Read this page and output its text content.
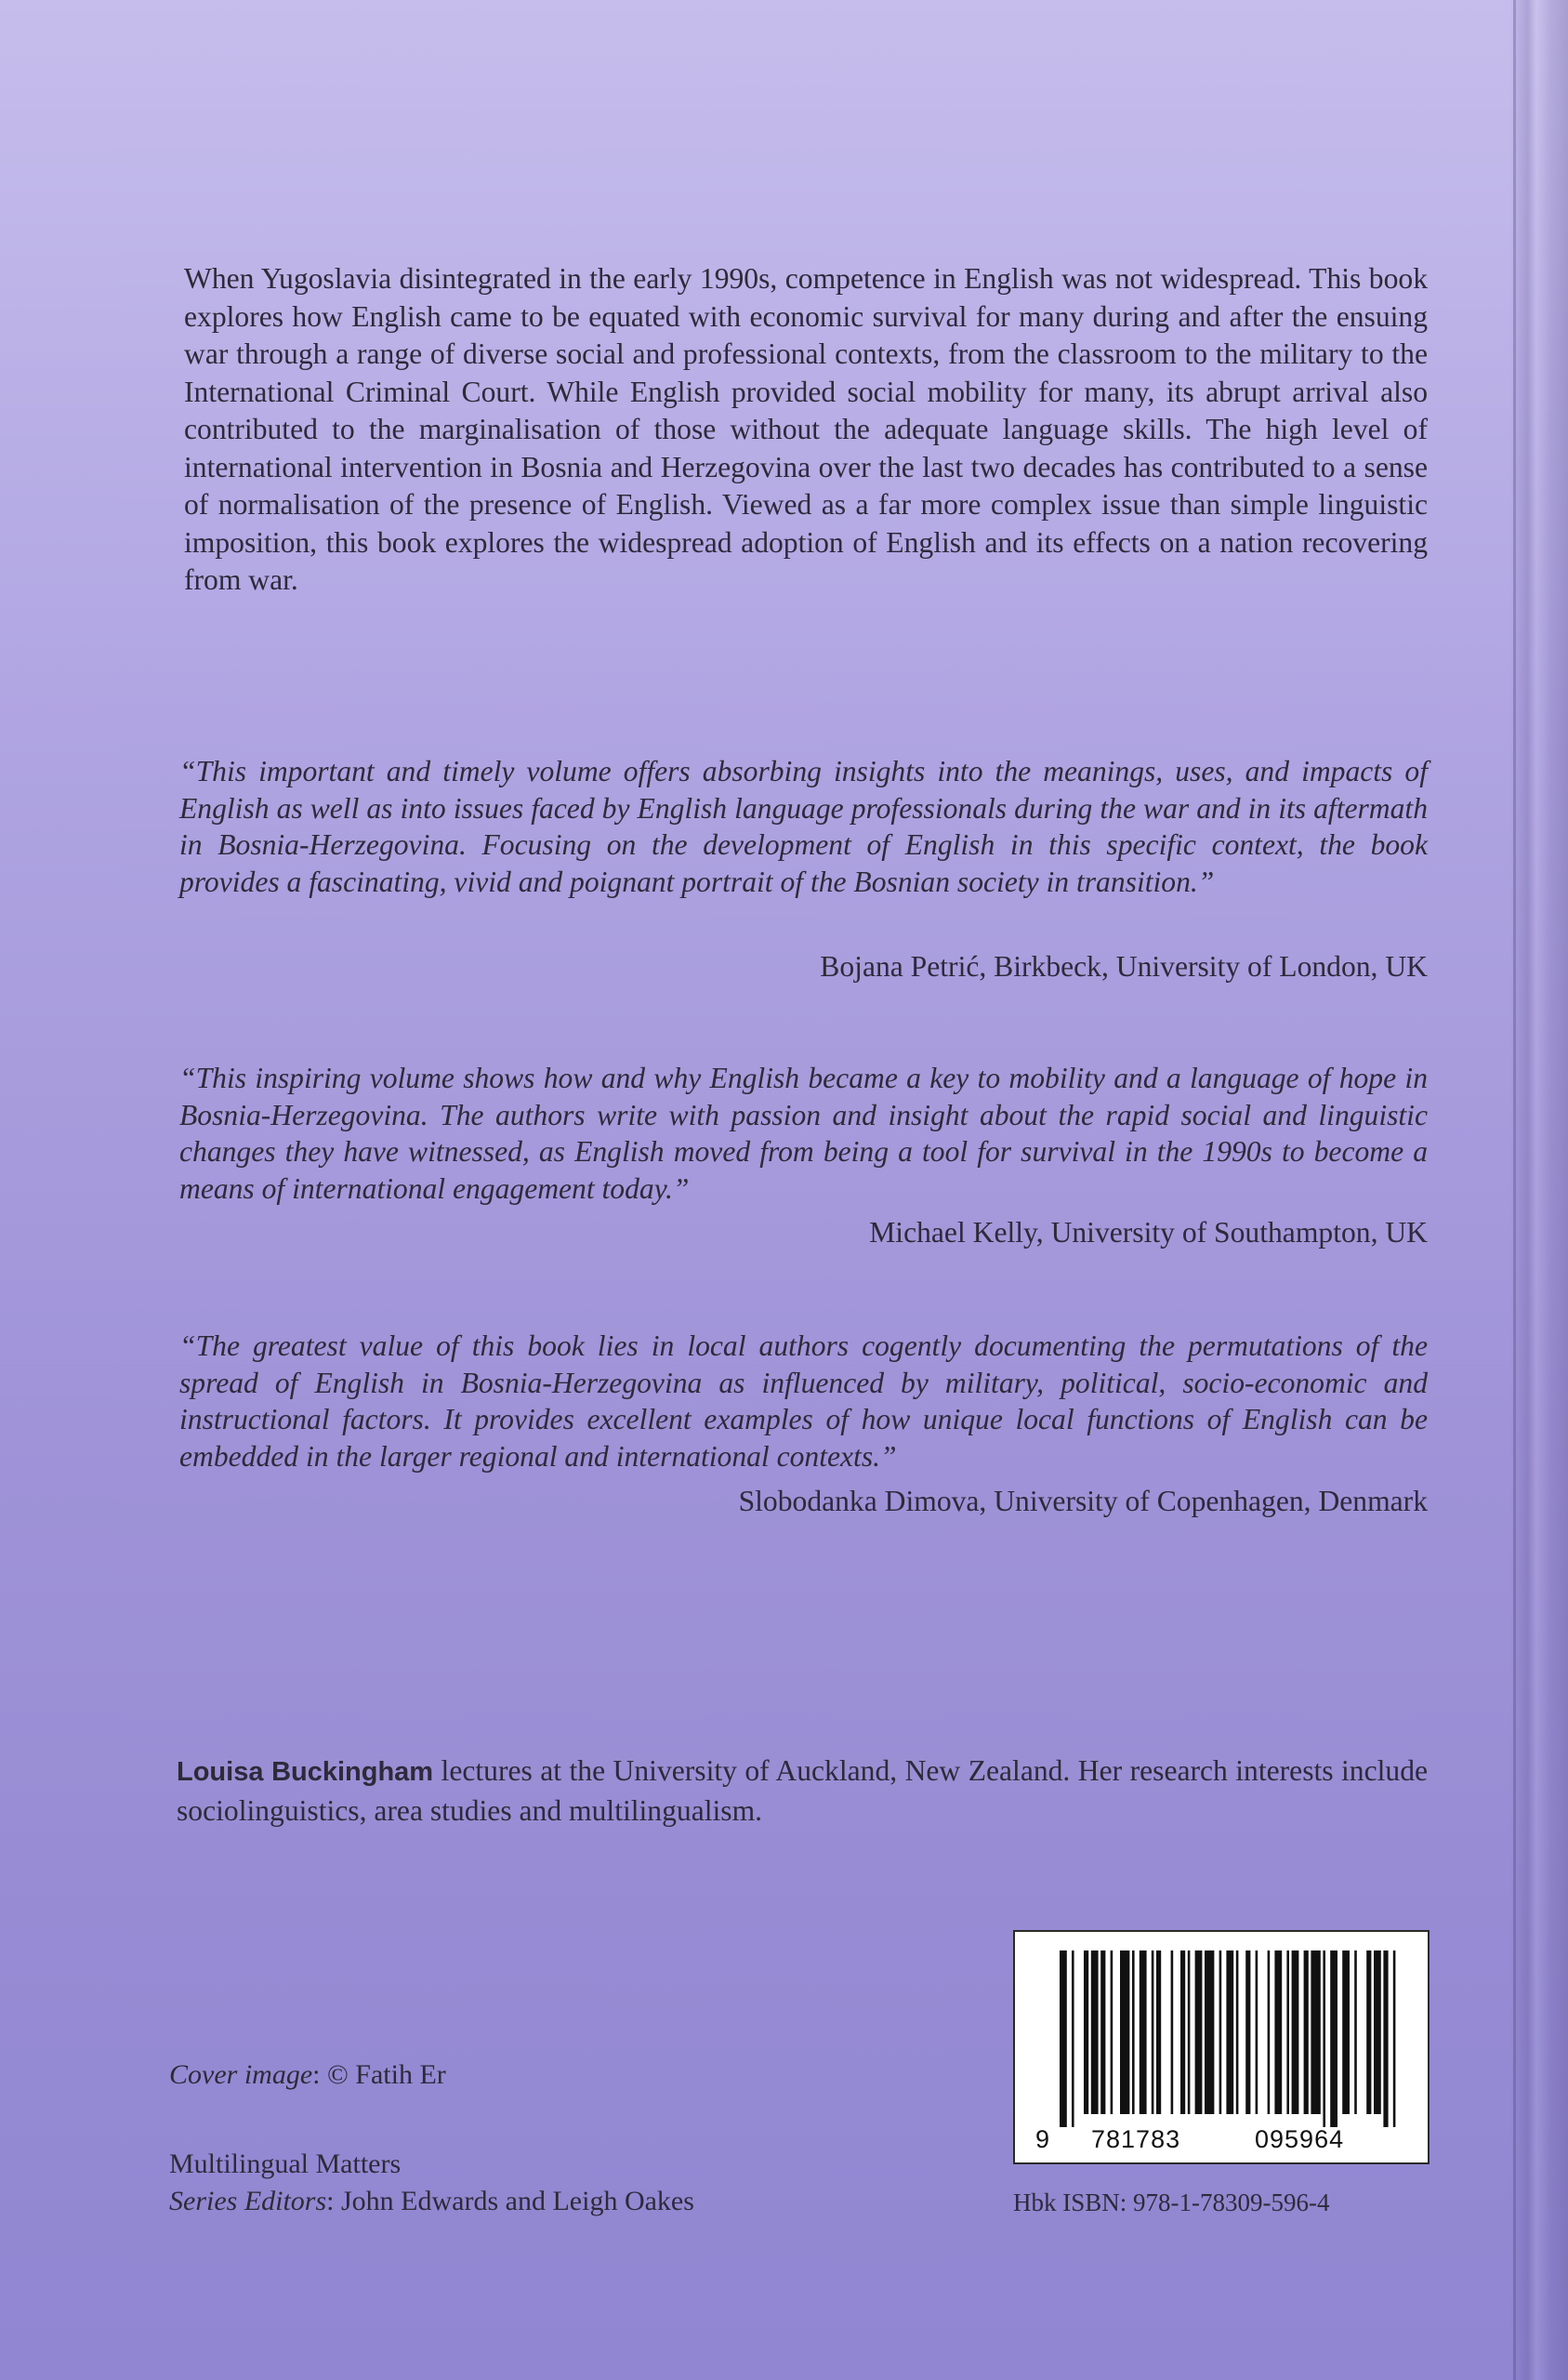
When Yugoslavia disintegrated in the early 1990s, competence in English was not widespread. This book explores how English came to be equated with economic survival for many during and after the ensuing war through a range of diverse social and professional contexts, from the classroom to the military to the International Criminal Court. While English provided social mobility for many, its abrupt arrival also contributed to the marginalisation of those without the adequate language skills. The high level of international intervention in Bosnia and Herzegovina over the last two decades has contributed to a sense of normalisation of the presence of English. Viewed as a far more complex issue than simple linguistic imposition, this book explores the widespread adoption of English and its effects on a nation recovering from war.

“This important and timely volume offers absorbing insights into the meanings, uses, and impacts of English as well as into issues faced by English language professionals during the war and in its aftermath in Bosnia-Herzegovina. Focusing on the development of English in this specific context, the book provides a fascinating, vivid and poignant portrait of the Bosnian society in transition.”

Bojana Petrić, Birkbeck, University of London, UK

“This inspiring volume shows how and why English became a key to mobility and a language of hope in Bosnia-Herzegovina. The authors write with passion and insight about the rapid social and linguistic changes they have witnessed, as English moved from being a tool for survival in the 1990s to become a means of international engagement today.”

Michael Kelly, University of Southampton, UK

“The greatest value of this book lies in local authors cogently documenting the permutations of the spread of English in Bosnia-Herzegovina as influenced by military, political, socio-economic and instructional factors. It provides excellent examples of how unique local functions of English can be embedded in the larger regional and international contexts.”

Slobodanka Dimova, University of Copenhagen, Denmark

Louisa Buckingham lectures at the University of Auckland, New Zealand. Her research interests include sociolinguistics, area studies and multilingualism.

Cover image: © Fatih Er
Multilingual Matters
Series Editors: John Edwards and Leigh Oakes
9 781783	095964
Hbk ISBN: 978-1-78309-596-4
